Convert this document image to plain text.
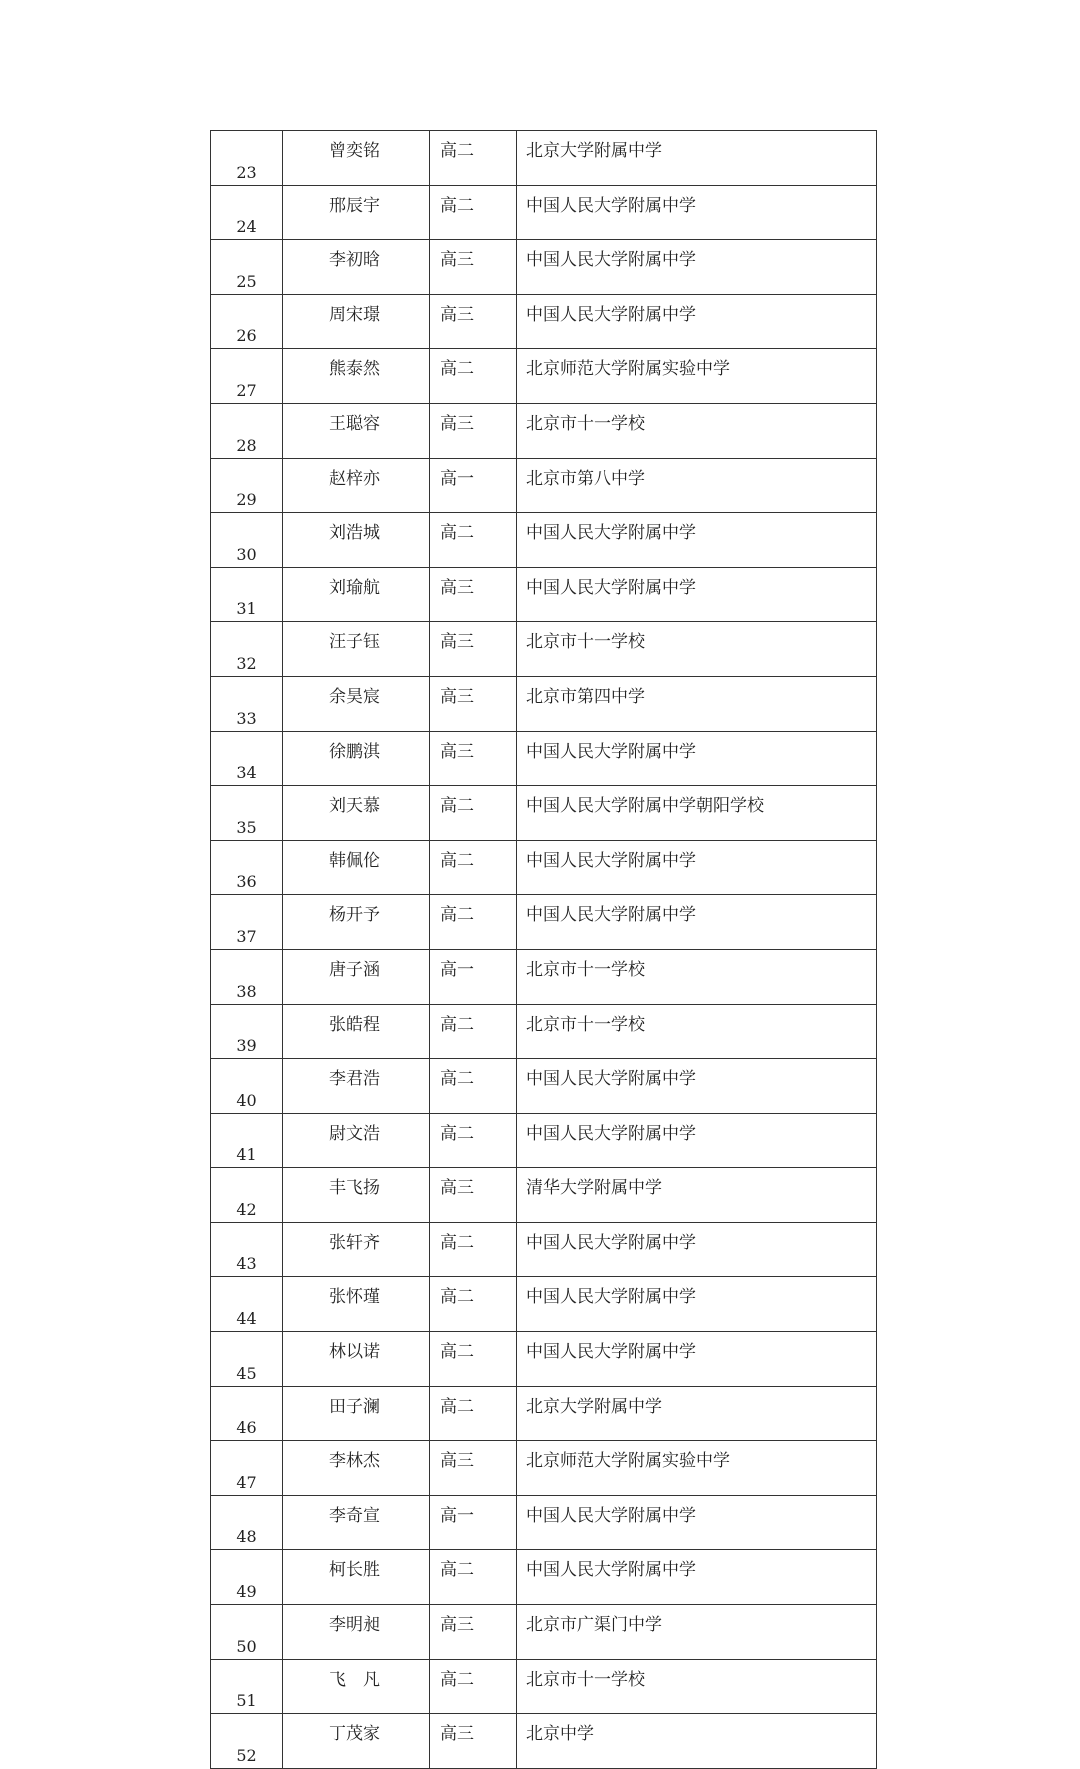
23	曾奕铭	高二	北京大学附属中学
24	邢辰宇	高二	中国人民大学附属中学
25	李初晗	高三	中国人民大学附属中学
26	周宋璟	高三	中国人民大学附属中学
27	熊泰然	高二	北京师范大学附属实验中学
28	王聪容	高三	北京市十一学校
29	赵梓亦	高一	北京市第八中学
30	刘浩城	高二	中国人民大学附属中学
31	刘瑜航	高三	中国人民大学附属中学
32	汪子钰	高三	北京市十一学校
33	余昊宸	高三	北京市第四中学
34	徐鹏淇	高三	中国人民大学附属中学
35	刘天慕	高二	中国人民大学附属中学朝阳学校
36	韩佩伦	高二	中国人民大学附属中学
37	杨开予	高二	中国人民大学附属中学
38	唐子涵	高一	北京市十一学校
39	张皓程	高二	北京市十一学校
40	李君浩	高二	中国人民大学附属中学
41	尉文浩	高二	中国人民大学附属中学
42	丰飞扬	高三	清华大学附属中学
43	张轩齐	高二	中国人民大学附属中学
44	张怀瑾	高二	中国人民大学附属中学
45	林以诺	高二	中国人民大学附属中学
46	田子澜	高二	北京大学附属中学
47	李林杰	高三	北京师范大学附属实验中学
48	李奇宣	高一	中国人民大学附属中学
49	柯长胜	高二	中国人民大学附属中学
50	李明昶	高三	北京市广渠门中学
51	飞　凡	高二	北京市十一学校
52	丁茂家	高三	北京中学
